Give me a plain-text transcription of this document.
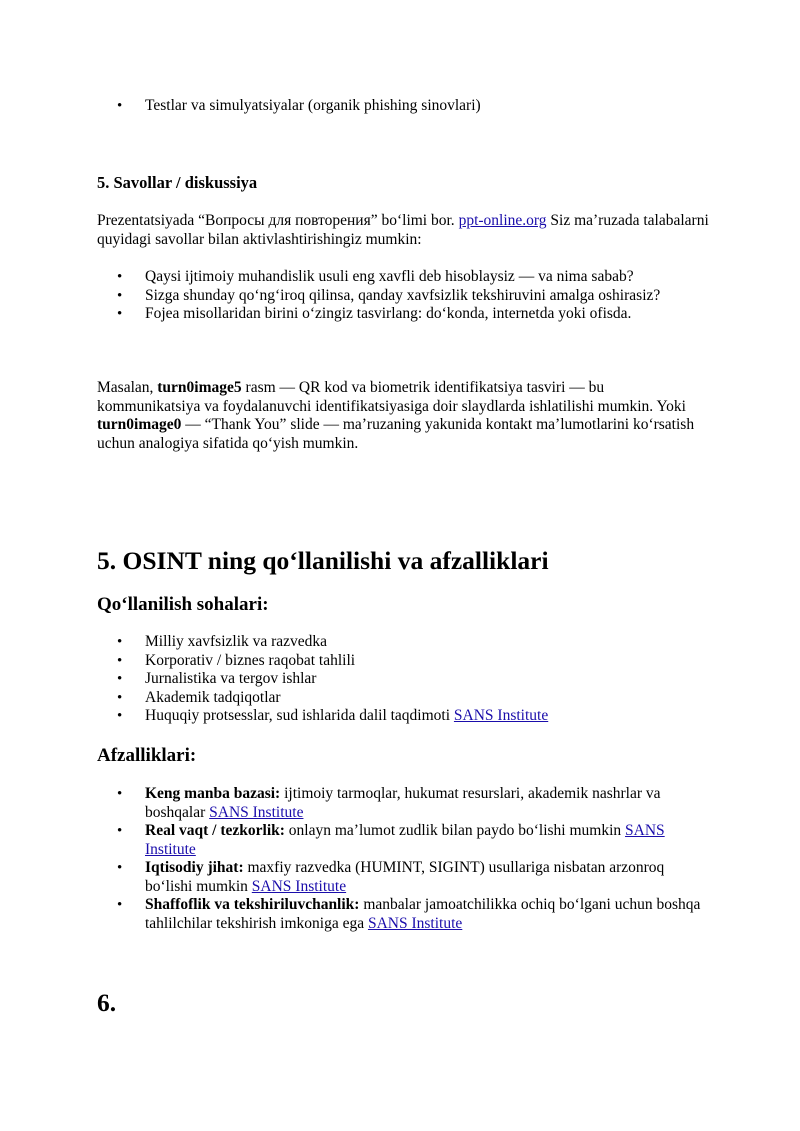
• Testlar va simulyatsiyalar (organik phishing sinovlari)
5. Savollar / diskussiya
Prezentatsiyada “Вопросы для повторения” bo‘limi bor. ppt-online.org Siz ma’ruzada talabalarni quyidagi savollar bilan aktivlashtirishingiz mumkin:
• Qaysi ijtimoiy muhandislik usuli eng xavfli deb hisoblaysiz — va nima sabab?
• Sizga shunday qo‘ng‘iroq qilinsa, qanday xavfsizlik tekshiruvini amalga oshirasiz?
• Fojea misollaridan birini o‘zingiz tasvirlang: do‘konda, internetda yoki ofisda.
Masalan, turn0image5 rasm — QR kod va biometrik identifikatsiya tasviri — bu kommunikatsiya va foydalanuvchi identifikatsiyasiga doir slaydlarda ishlatilishi mumkin. Yoki turn0image0 — “Thank You” slide — ma’ruzaning yakunida kontakt ma’lumotlarini ko‘rsatish uchun analogiya sifatida qo‘yish mumkin.
5. OSINT ning qo‘llanilishi va afzalliklari
Qo‘llanilish sohalari:
• Milliy xavfsizlik va razvedka
• Korporativ / biznes raqobat tahlili
• Jurnalistika va tergov ishlar
• Akademik tadqiqotlar
• Huquqiy protsesslar, sud ishlarida dalil taqdimoti SANS Institute
Afzalliklari:
• Keng manba bazasi: ijtimoiy tarmoqlar, hukumat resurslari, akademik nashrlar va boshqalar SANS Institute
• Real vaqt / tezkorlik: onlayn ma’lumot zudlik bilan paydo bo‘lishi mumkin SANS Institute
• Iqtisodiy jihat: maxfiy razvedka (HUMINT, SIGINT) usullariga nisbatan arzonroq bo‘lishi mumkin SANS Institute
• Shaffoflik va tekshiriluvchanlik: manbalar jamoatchilikka ochiq bo‘lgani uchun boshqa tahlilchilar tekshirish imkoniga ega SANS Institute
6.
